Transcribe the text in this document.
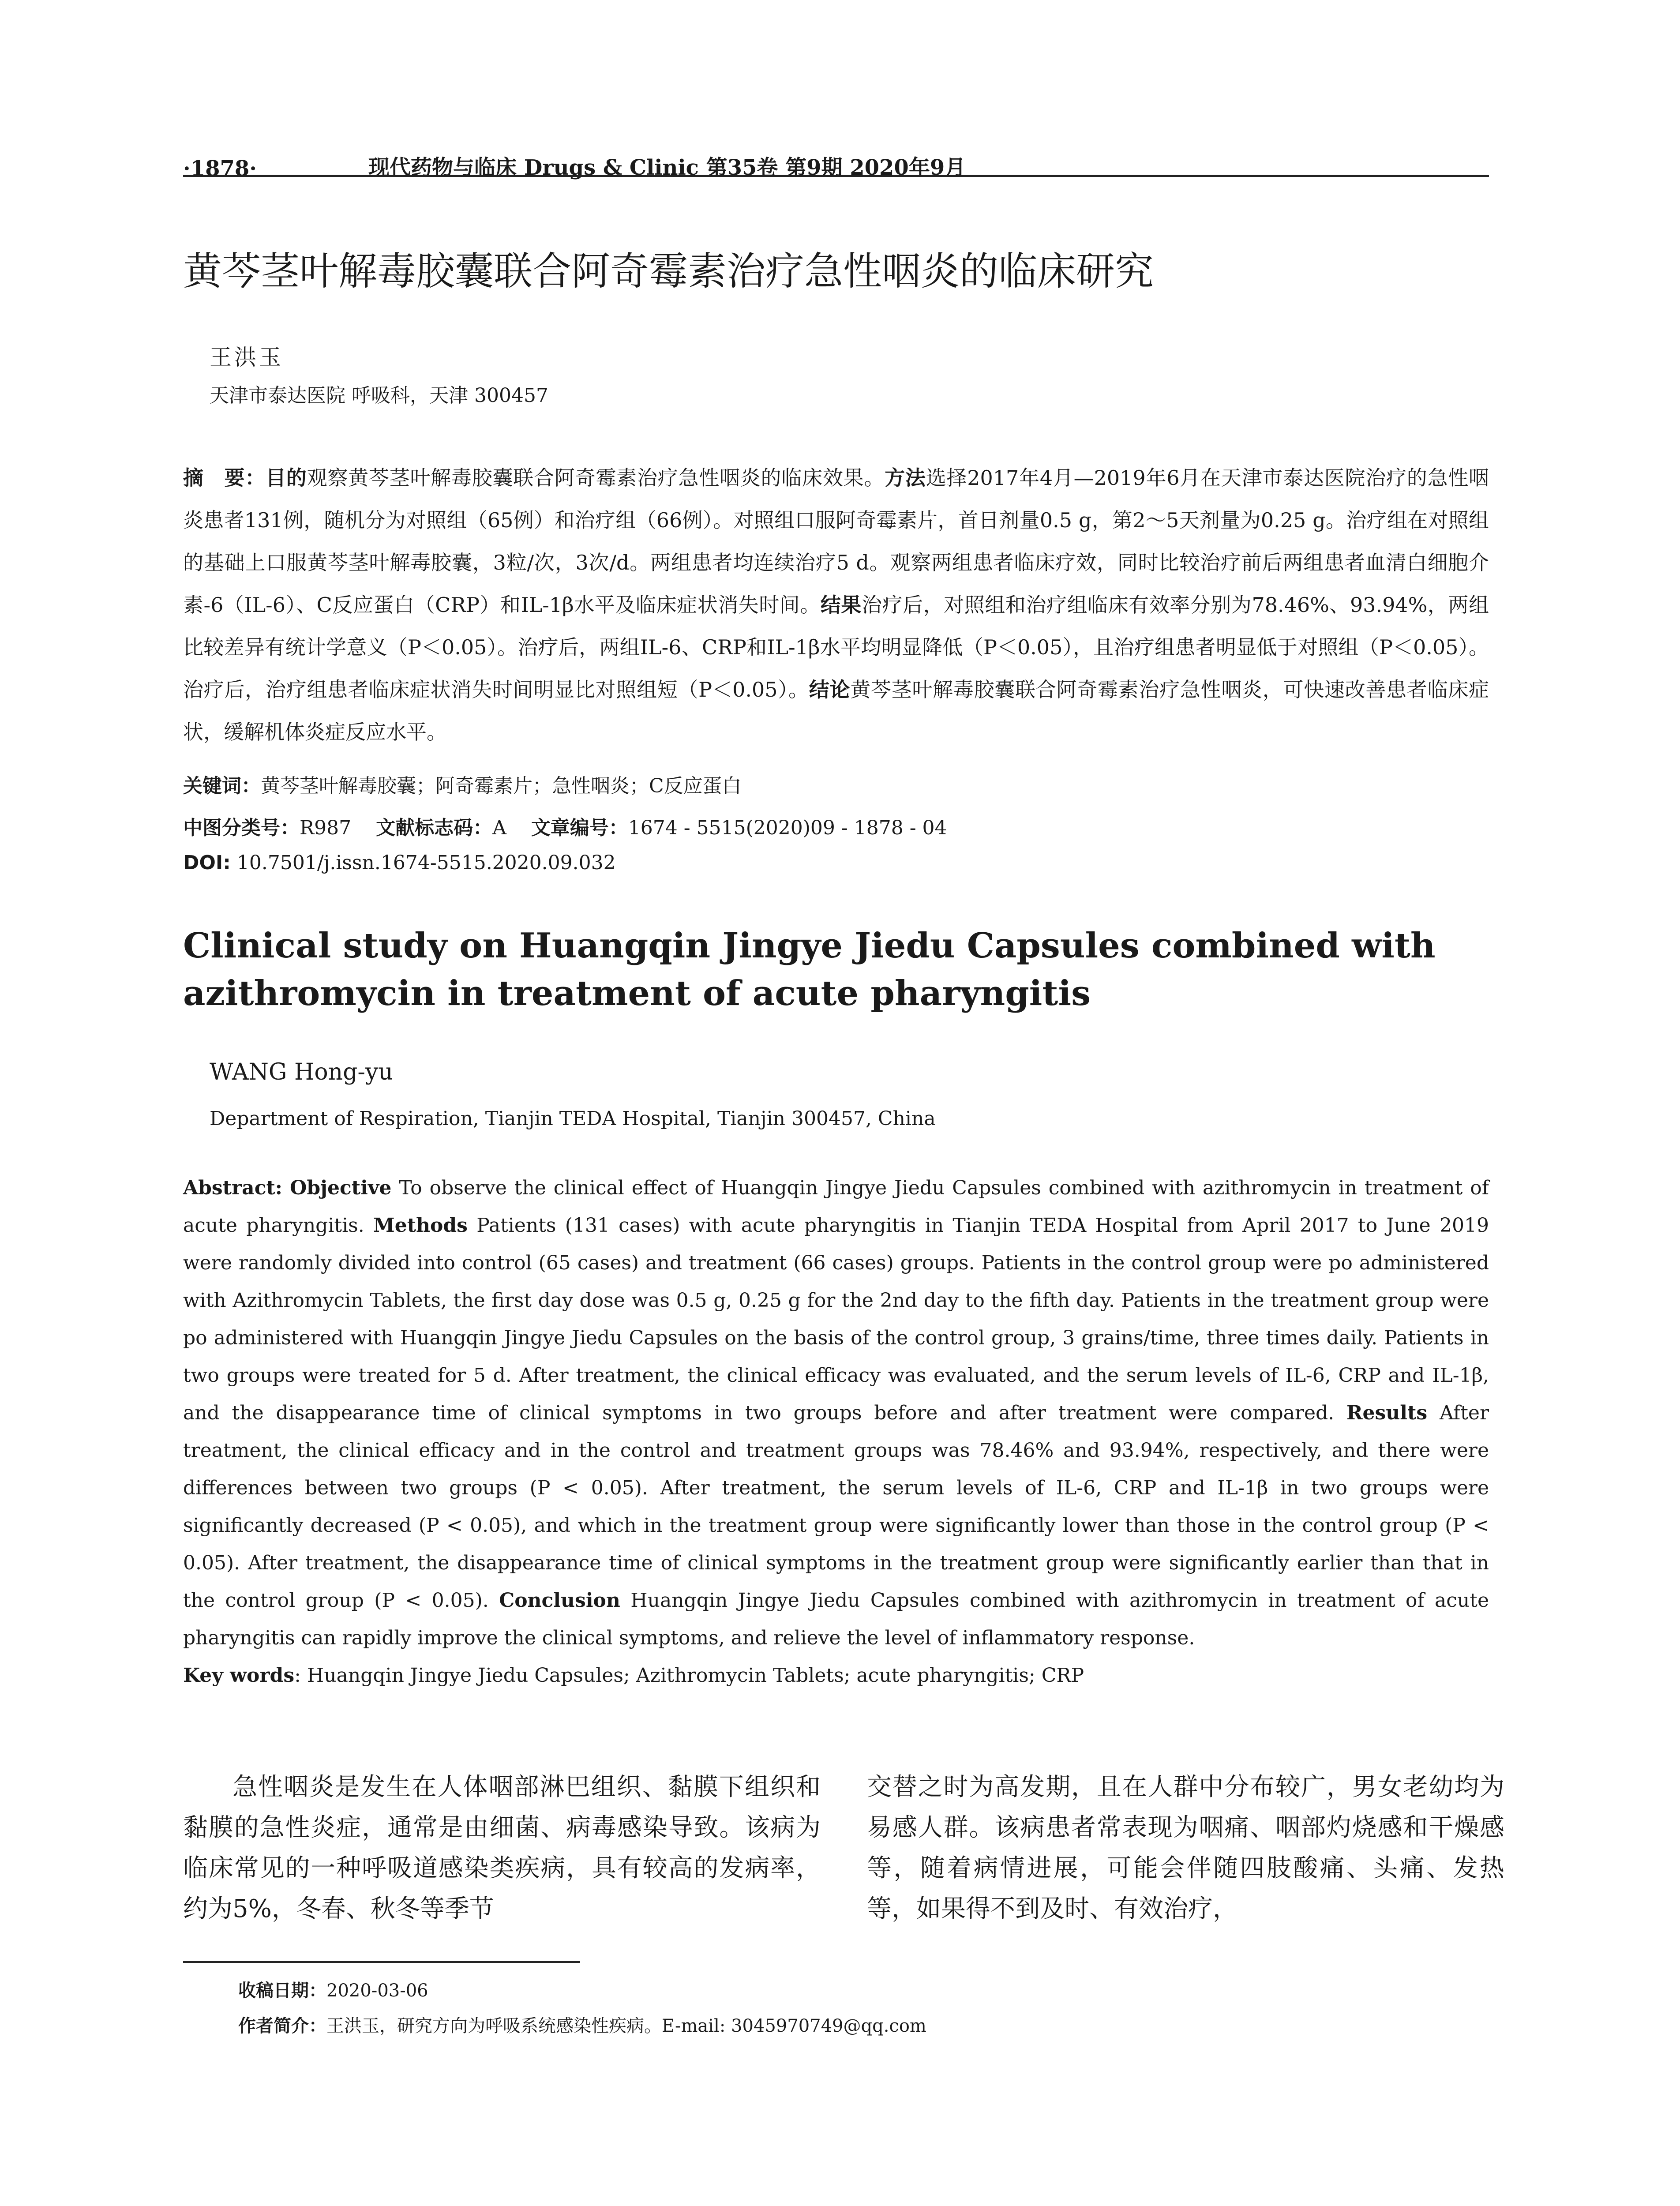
·1878·	现代药物与临床 Drugs & Clinic 第35卷 第9期 2020年9月
黄芩茎叶解毒胶囊联合阿奇霉素治疗急性咽炎的临床研究
王洪玉
天津市泰达医院 呼吸科，天津 300457
摘　要：目的观察黄芩茎叶解毒胶囊联合阿奇霉素治疗急性咽炎的临床效果。方法选择2017年4月—2019年6月在天津市泰达医院治疗的急性咽炎患者131例，随机分为对照组（65例）和治疗组（66例）。对照组口服阿奇霉素片，首日剂量0.5 g，第2～5天剂量为0.25 g。治疗组在对照组的基础上口服黄芩茎叶解毒胶囊，3粒/次，3次/d。两组患者均连续治疗5 d。观察两组患者临床疗效，同时比较治疗前后两组患者血清白细胞介素-6（IL-6）、C反应蛋白（CRP）和IL-1β水平及临床症状消失时间。结果治疗后，对照组和治疗组临床有效率分别为78.46%、93.94%，两组比较差异有统计学意义（P＜0.05）。治疗后，两组IL-6、CRP和IL-1β水平均明显降低（P＜0.05），且治疗组患者明显低于对照组（P＜0.05）。治疗后，治疗组患者临床症状消失时间明显比对照组短（P＜0.05）。结论黄芩茎叶解毒胶囊联合阿奇霉素治疗急性咽炎，可快速改善患者临床症状，缓解机体炎症反应水平。
关键词：黄芩茎叶解毒胶囊；阿奇霉素片；急性咽炎；C反应蛋白
中图分类号：R987 文献标志码：A 文章编号：1674 - 5515(2020)09 - 1878 - 04
DOI: 10.7501/j.issn.1674-5515.2020.09.032
Clinical study on Huangqin Jingye Jiedu Capsules combined with azithromycin in treatment of acute pharyngitis
WANG Hong-yu
Department of Respiration, Tianjin TEDA Hospital, Tianjin 300457, China
Abstract: Objective To observe the clinical effect of Huangqin Jingye Jiedu Capsules combined with azithromycin in treatment of acute pharyngitis. Methods Patients (131 cases) with acute pharyngitis in Tianjin TEDA Hospital from April 2017 to June 2019 were randomly divided into control (65 cases) and treatment (66 cases) groups. Patients in the control group were po administered with Azithromycin Tablets, the first day dose was 0.5 g, 0.25 g for the 2nd day to the fifth day. Patients in the treatment group were po administered with Huangqin Jingye Jiedu Capsules on the basis of the control group, 3 grains/time, three times daily. Patients in two groups were treated for 5 d. After treatment, the clinical efficacy was evaluated, and the serum levels of IL-6, CRP and IL-1β, and the disappearance time of clinical symptoms in two groups before and after treatment were compared. Results After treatment, the clinical efficacy and in the control and treatment groups was 78.46% and 93.94%, respectively, and there were differences between two groups (P < 0.05). After treatment, the serum levels of IL-6, CRP and IL-1β in two groups were significantly decreased (P < 0.05), and which in the treatment group were significantly lower than those in the control group (P < 0.05). After treatment, the disappearance time of clinical symptoms in the treatment group were significantly earlier than that in the control group (P < 0.05). Conclusion Huangqin Jingye Jiedu Capsules combined with azithromycin in treatment of acute pharyngitis can rapidly improve the clinical symptoms, and relieve the level of inflammatory response.
Key words: Huangqin Jingye Jiedu Capsules; Azithromycin Tablets; acute pharyngitis; CRP
急性咽炎是发生在人体咽部淋巴组织、黏膜下组织和黏膜的急性炎症，通常是由细菌、病毒感染导致。该病为临床常见的一种呼吸道感染类疾病，具有较高的发病率，约为5%，冬春、秋冬等季节
交替之时为高发期，且在人群中分布较广，男女老幼均为易感人群。该病患者常表现为咽痛、咽部灼烧感和干燥感等，随着病情进展，可能会伴随四肢酸痛、头痛、发热等，如果得不到及时、有效治疗，
收稿日期：2020-03-06
作者简介：王洪玉，研究方向为呼吸系统感染性疾病。E-mail: 3045970749@qq.com
